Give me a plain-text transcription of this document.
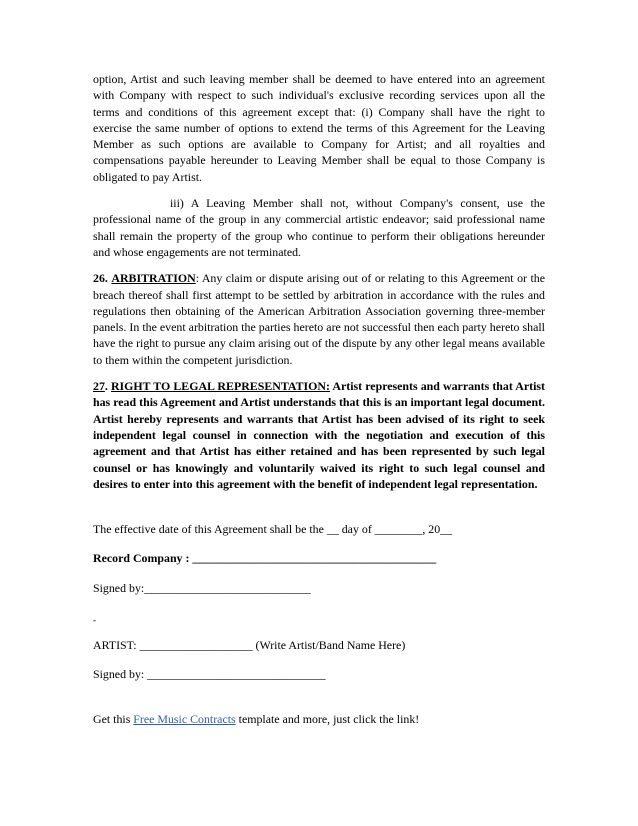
option, Artist and such leaving member shall be deemed to have entered into an agreement with Company with respect to such individual's exclusive recording services upon all the terms and conditions of this agreement except that: (i) Company shall have the right to exercise the same number of options to extend the terms of this Agreement for the Leaving Member as such options are available to Company for Artist; and all royalties and compensations payable hereunder to Leaving Member shall be equal to those Company is obligated to pay Artist.

iii) A Leaving Member shall not, without Company's consent, use the professional name of the group in any commercial artistic endeavor; said professional name shall remain the property of the group who continue to perform their obligations hereunder and whose engagements are not terminated.

26. ARBITRATION: Any claim or dispute arising out of or relating to this Agreement or the breach thereof shall first attempt to be settled by arbitration in accordance with the rules and regulations then obtaining of the American Arbitration Association governing three-member panels. In the event arbitration the parties hereto are not successful then each party hereto shall have the right to pursue any claim arising out of the dispute by any other legal means available to them within the competent jurisdiction.

27. RIGHT TO LEGAL REPRESENTATION: Artist represents and warrants that Artist has read this Agreement and Artist understands that this is an important legal document. Artist hereby represents and warrants that Artist has been advised of its right to seek independent legal counsel in connection with the negotiation and execution of this agreement and that Artist has either retained and has been represented by such legal counsel or has knowingly and voluntarily waived its right to such legal counsel and desires to enter into this agreement with the benefit of independent legal representation.

The effective date of this Agreement shall be the __ day of ________, 20__

Record Company : _________________________________________

Signed by:____________________________

-

ARTIST: ___________________ (Write Artist/Band Name Here)

Signed by: ______________________________

Get this Free Music Contracts template and more, just click the link!
